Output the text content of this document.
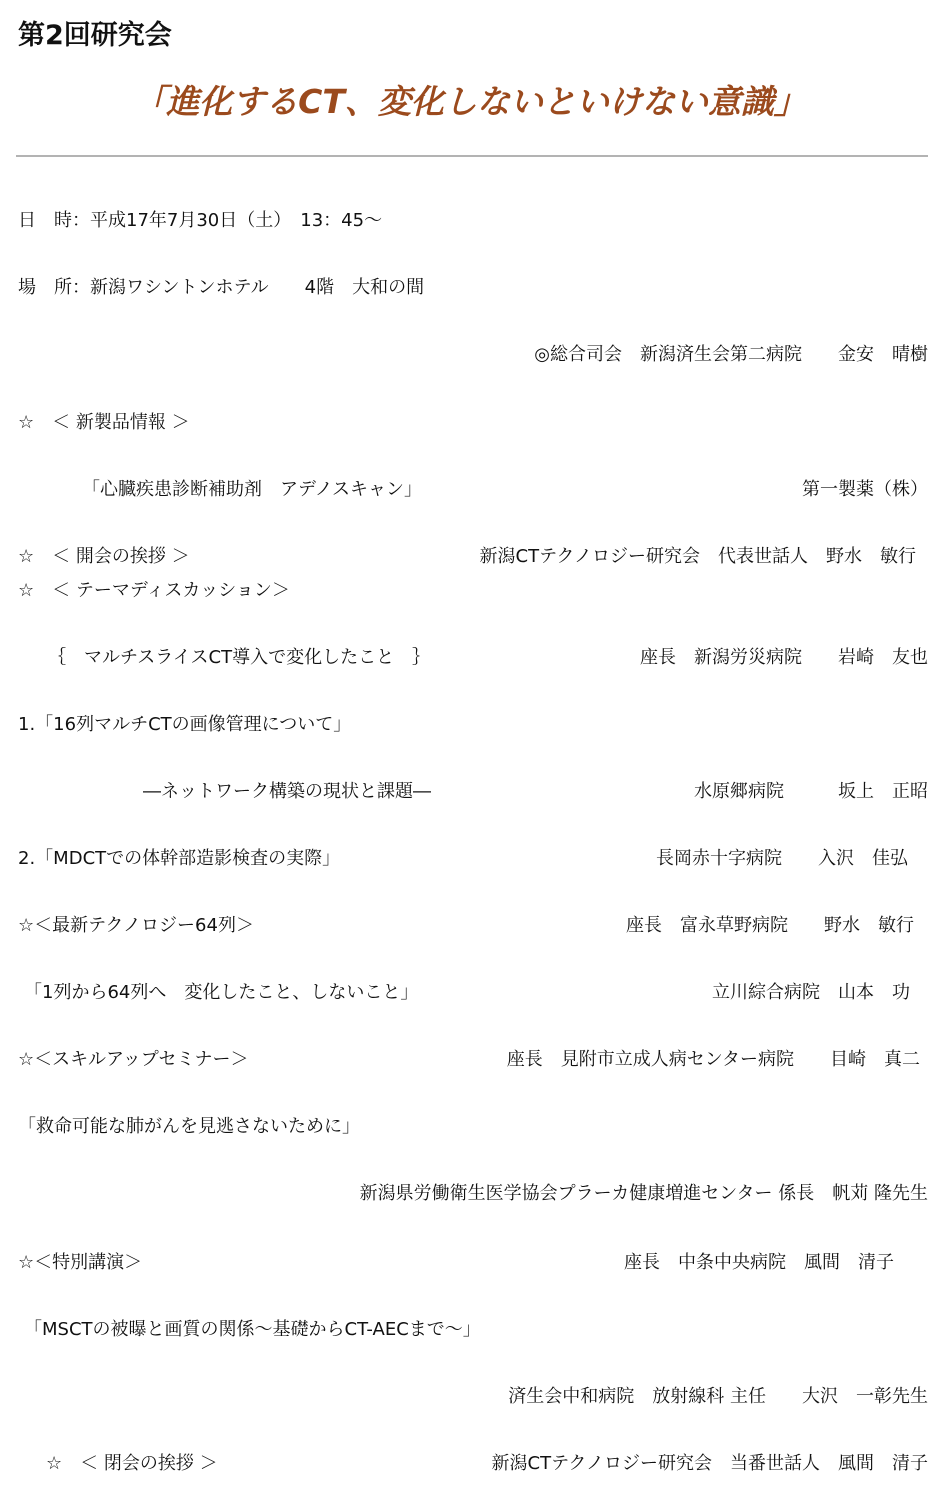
第2回研究会
「進化するCT、変化しないといけない意識」
日　時：平成17年7月30日（土）　13：45～
場　所：新潟ワシントンホテル　　4階　大和の間
◎総合司会　新潟済生会第二病院　　金安　晴樹
☆　＜ 新製品情報 ＞
「心臓疾患診断補助剤　アデノスキャン」	第一製薬（株）
☆　＜ 開会の挨拶 ＞	新潟CTテクノロジー研究会　代表世話人　野水　敏行
☆　＜ テーマディスカッション＞
｛　マルチスライスCT導入で変化したこと　｝	座長　新潟労災病院　　岩崎　友也
1.「16列マルチCTの画像管理について」
―ネットワーク構築の現状と課題―	水原郷病院　　　坂上　正昭
2.「MDCTでの体幹部造影検査の実際」	長岡赤十字病院　　入沢　佳弘
☆＜最新テクノロジー64列＞	座長　富永草野病院　　野水　敏行
「1列から64列へ　変化したこと、しないこと」	立川綜合病院　山本　功
☆＜スキルアップセミナー＞	座長　見附市立成人病センター病院　　目崎　真二
「救命可能な肺がんを見逃さないために」
新潟県労働衛生医学協会プラーカ健康増進センター 係長　帆苅 隆先生
☆＜特別講演＞	座長　中条中央病院　風間　清子
「MSCTの被曝と画質の関係～基礎からCT-AECまで～」
済生会中和病院　放射線科 主任　　大沢　一彰先生
☆　＜ 閉会の挨拶 ＞	新潟CTテクノロジー研究会　当番世話人　風間　清子
